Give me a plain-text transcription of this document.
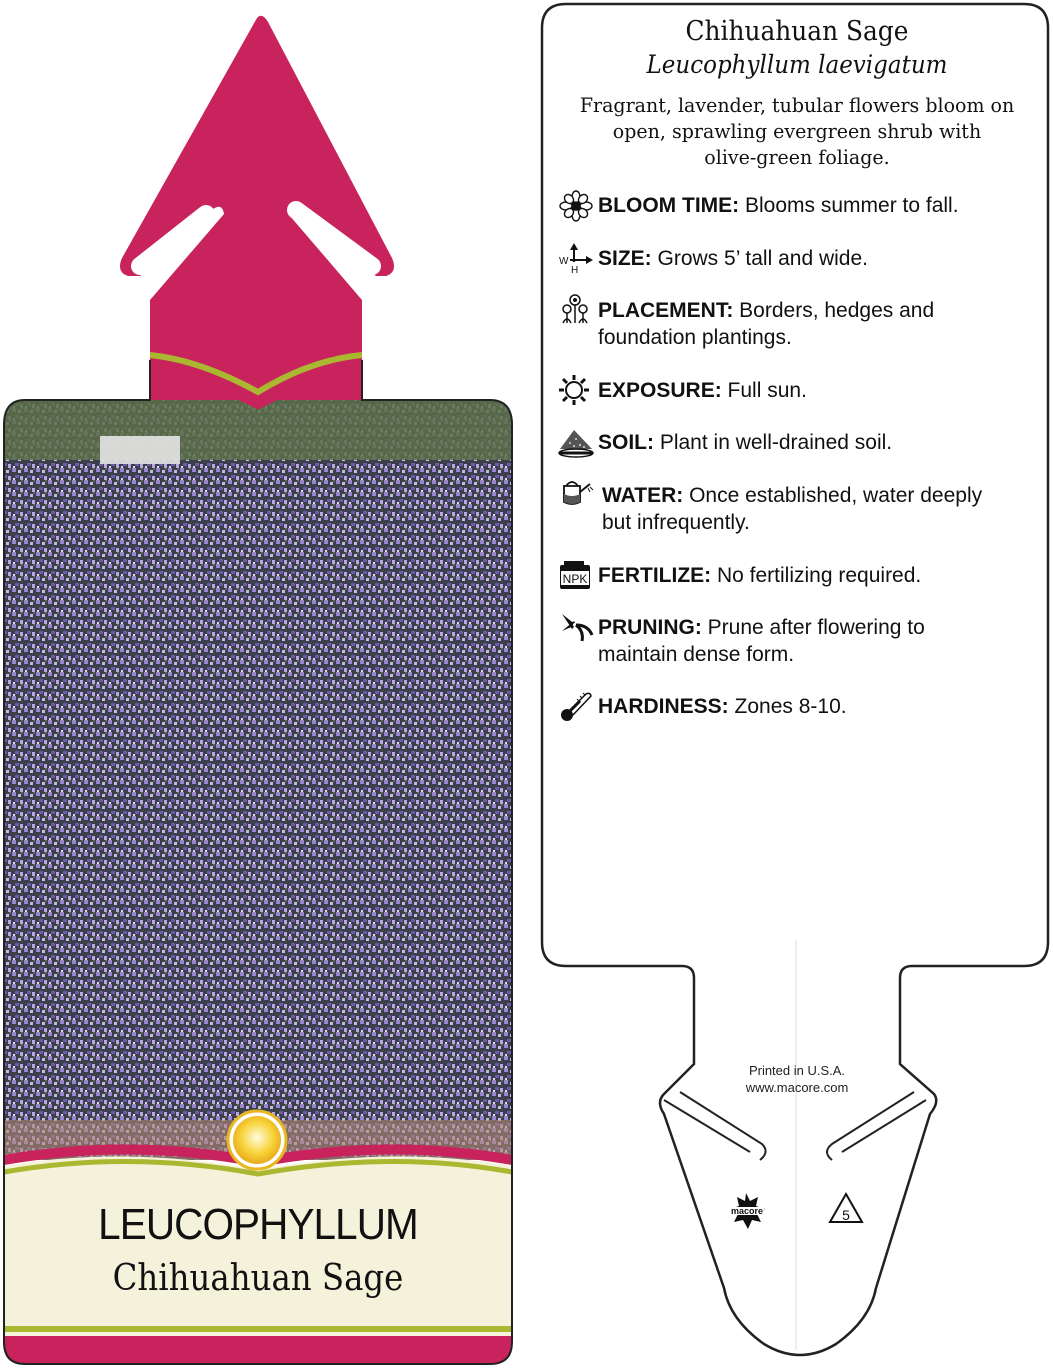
LEUCOPHYLLUM
Chihuahuan Sage
macore	5
Chihuahuan Sage
Leucophyllum laevigatum
Fragrant, lavender, tubular flowers bloom on
open, sprawling evergreen shrub with
olive-green foliage.
W
H
NPK
BLOOM TIME: Blooms summer to fall.
SIZE: Grows 5’ tall and wide.
PLACEMENT: Borders, hedges and
foundation plantings.
EXPOSURE: Full sun.
SOIL: Plant in well-drained soil.
WATER: Once established, water deeply
but infrequently.
FERTILIZE: No fertilizing required.
PRUNING: Prune after flowering to
maintain dense form.
HARDINESS: Zones 8-10.
Printed in U.S.A.
www.macore.com
